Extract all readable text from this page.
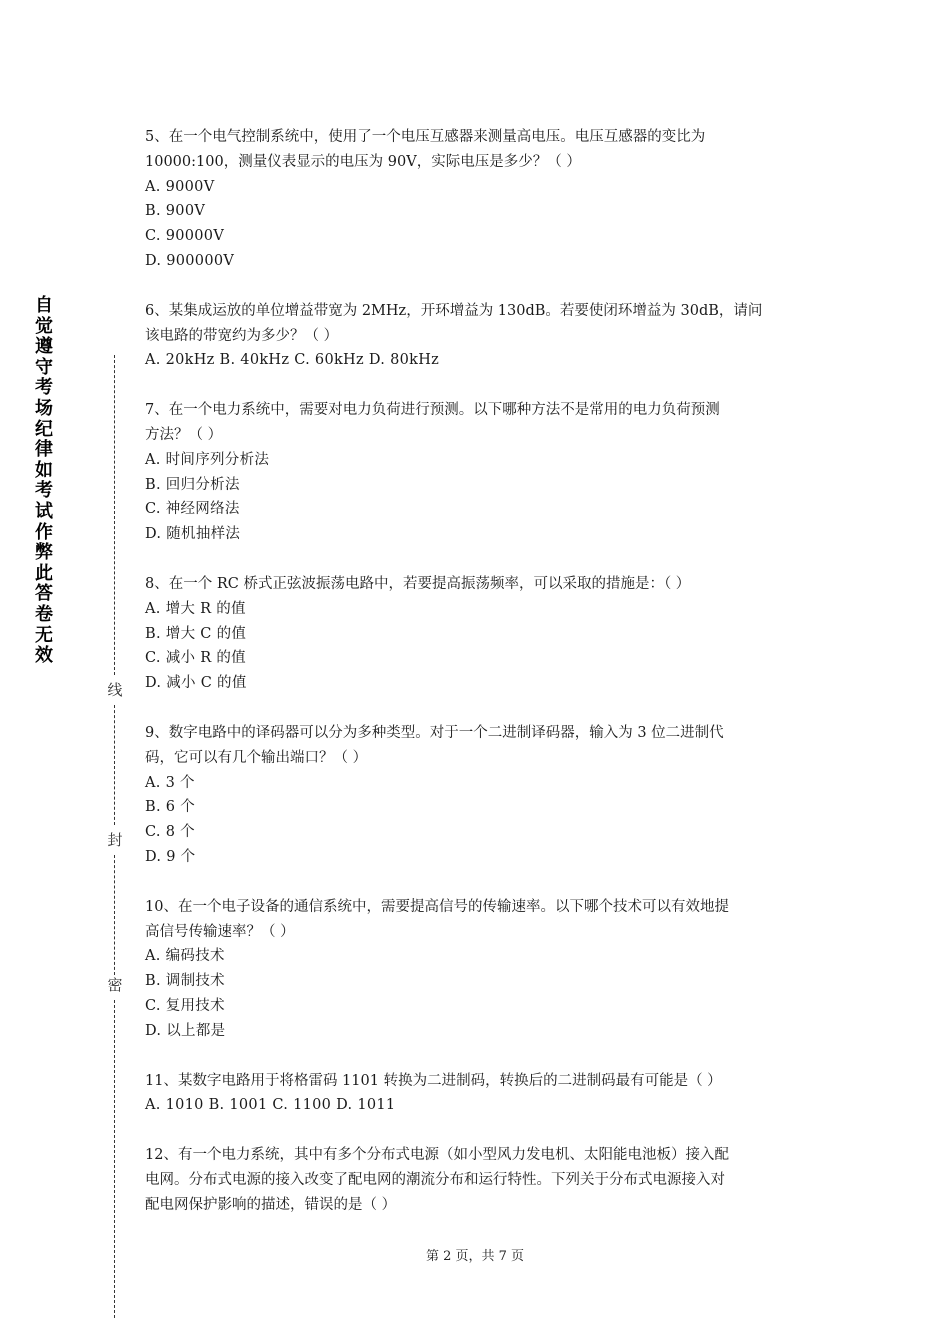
自
觉
遵
守
考
场
纪
律
如
考
试
作
弊
此
答
卷
无
效
线
封
密

5、在一个电气控制系统中，使用了一个电压互感器来测量高电压。电压互感器的变比为

10000:100，测量仪表显示的电压为 90V，实际电压是多少？（ ）

A. 9000V

B. 900V

C. 90000V

D. 900000V

6、某集成运放的单位增益带宽为 2MHz，开环增益为 130dB。若要使闭环增益为 30dB，请问

该电路的带宽约为多少？（ ）

A. 20kHz B. 40kHz C. 60kHz D. 80kHz

7、在一个电力系统中，需要对电力负荷进行预测。以下哪种方法不是常用的电力负荷预测

方法？（ ）

A. 时间序列分析法

B. 回归分析法

C. 神经网络法

D. 随机抽样法

8、在一个 RC 桥式正弦波振荡电路中，若要提高振荡频率，可以采取的措施是：（ ）

A. 增大 R 的值

B. 增大 C 的值

C. 减小 R 的值

D. 减小 C 的值

9、数字电路中的译码器可以分为多种类型。对于一个二进制译码器，输入为 3 位二进制代

码，它可以有几个输出端口？（ ）

A. 3 个

B. 6 个

C. 8 个

D. 9 个

10、在一个电子设备的通信系统中，需要提高信号的传输速率。以下哪个技术可以有效地提

高信号传输速率？（ ）

A. 编码技术

B. 调制技术

C. 复用技术

D. 以上都是

11、某数字电路用于将格雷码 1101 转换为二进制码，转换后的二进制码最有可能是（ ）

A. 1010 B. 1001 C. 1100 D. 1011

12、有一个电力系统，其中有多个分布式电源（如小型风力发电机、太阳能电池板）接入配

电网。分布式电源的接入改变了配电网的潮流分布和运行特性。下列关于分布式电源接入对

配电网保护影响的描述，错误的是（ ）

第 2 页，共 7 页
